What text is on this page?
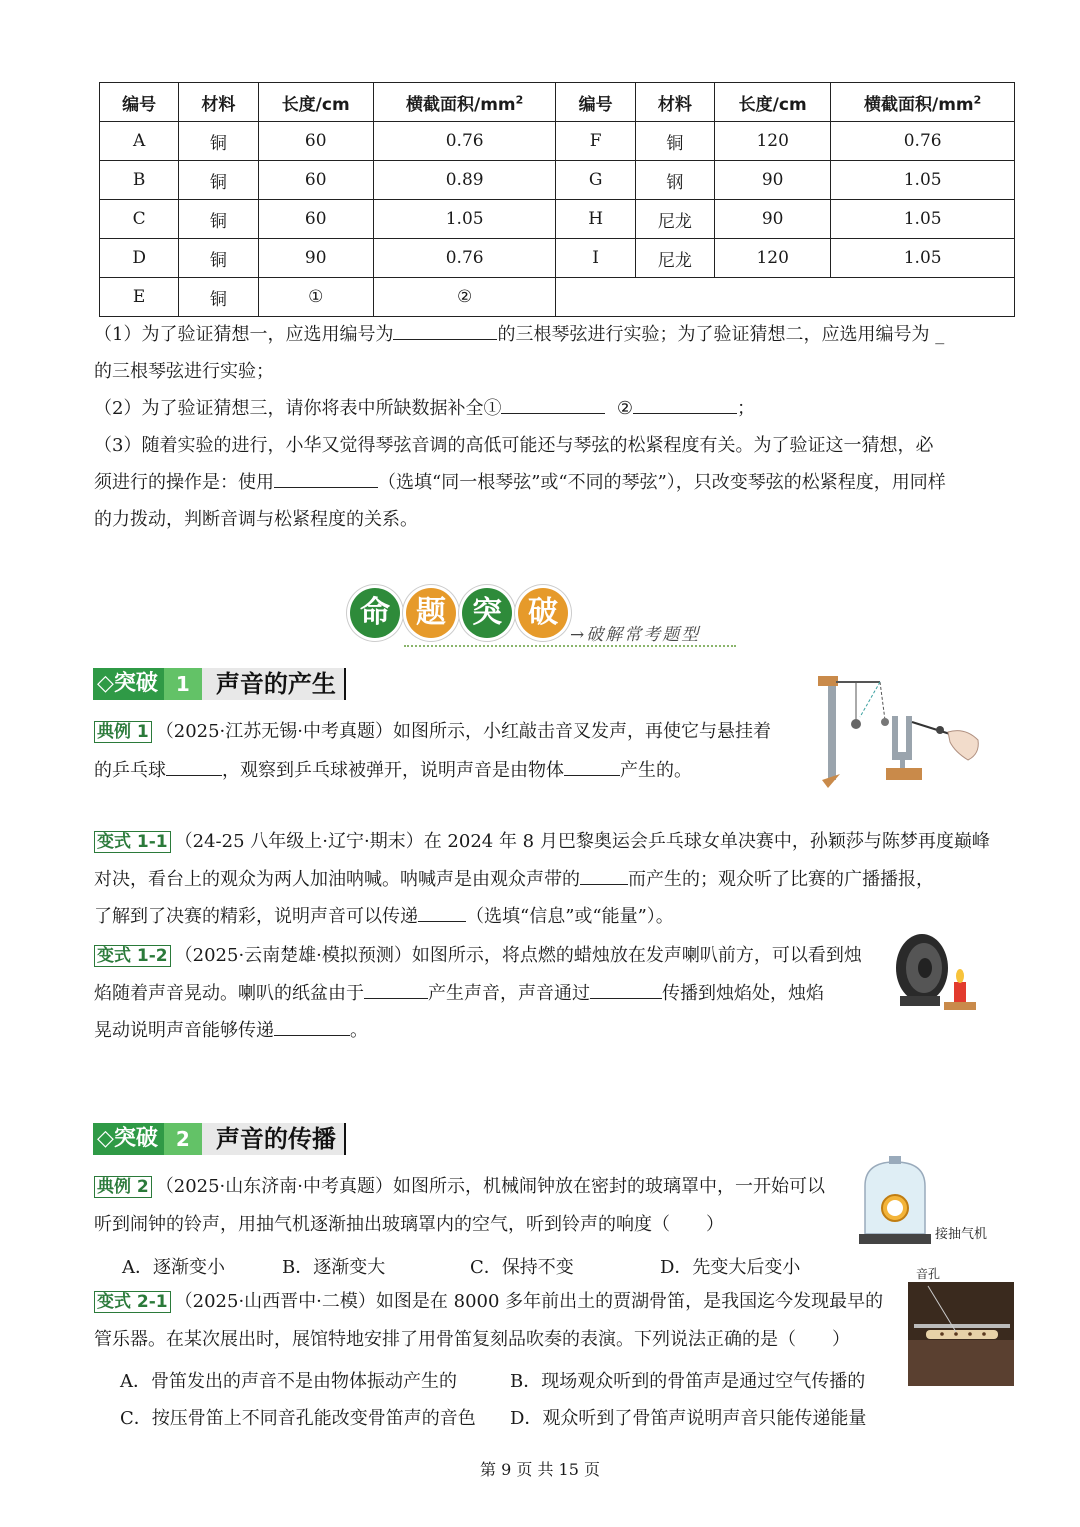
编号	材料	长度/cm	横截面积$/mm^2$	编号	材料	长度/cm	横截面积$/mm^2$
A	铜	60	0.76	F	铜	120	0.76
B	铜	60	0.89	G	钢	90	1.05
C	铜	60	1.05	H	尼龙	90	1.05
D	铜	90	0.76	I	尼龙	120	1.05
E	铜	①	②				
（1）为了验证猜想一，应选用编号为	的三根琴弦进行实验；为了验证猜想二，应选用编号为 _
的三根琴弦进行实验；
（2）为了验证猜想三，请你将表中所缺数据补全①	②	；
（3）随着实验的进行，小华又觉得琴弦音调的高低可能还与琴弦的松紧程度有关。为了验证这一猜想，必
须进行的操作是：使用	（选填“同一根琴弦”或“不同的琴弦”），只改变琴弦的松紧程度，用同样
的力拨动，判断音调与松紧程度的关系。
命 题 突 破
→破解常考题型
◇突破 1	声音的产生
典例 1 （2025·江苏无锡·中考真题）如图所示，小红敲击音叉发声，再使它与悬挂着
的乒乓球	，观察到乒乓球被弹开，说明声音是由物体	产生的。
变式 1-1 （24-25 八年级上·辽宁·期末）在 2024 年 8 月巴黎奥运会乒乓球女单决赛中，孙颖莎与陈梦再度巅峰
对决，看台上的观众为两人加油呐喊。呐喊声是由观众声带的	而产生的；观众听了比赛的广播播报，
了解到了决赛的精彩，说明声音可以传递	（选填“信息”或“能量”）。
变式 1-2 （2025·云南楚雄·模拟预测）如图所示，将点燃的蜡烛放在发声喇叭前方，可以看到烛
焰随着声音晃动。喇叭的纸盆由于	产生声音，声音通过	传播到烛焰处，烛焰
晃动说明声音能够传递	。
◇突破 2	声音的传播
典例 2 （2025·山东济南·中考真题）如图所示，机械闹钟放在密封的玻璃罩中，一开始可以
听到闹钟的铃声，用抽气机逐渐抽出玻璃罩内的空气，听到铃声的响度（　　）
A．逐渐变小	B．逐渐变大	C．保持不变	D．先变大后变小
接抽气机
变式 2-1 （2025·山西晋中·二模）如图是在 8000 多年前出土的贾湖骨笛，是我国迄今发现最早的
管乐器。在某次展出时，展馆特地安排了用骨笛复刻品吹奏的表演。下列说法正确的是（　　）
A．骨笛发出的声音不是由物体振动产生的	B．现场观众听到的骨笛声是通过空气传播的
C．按压骨笛上不同音孔能改变骨笛声的音色 D．观众听到了骨笛声说明声音只能传递能量
音孔
第 9 页 共 15 页
